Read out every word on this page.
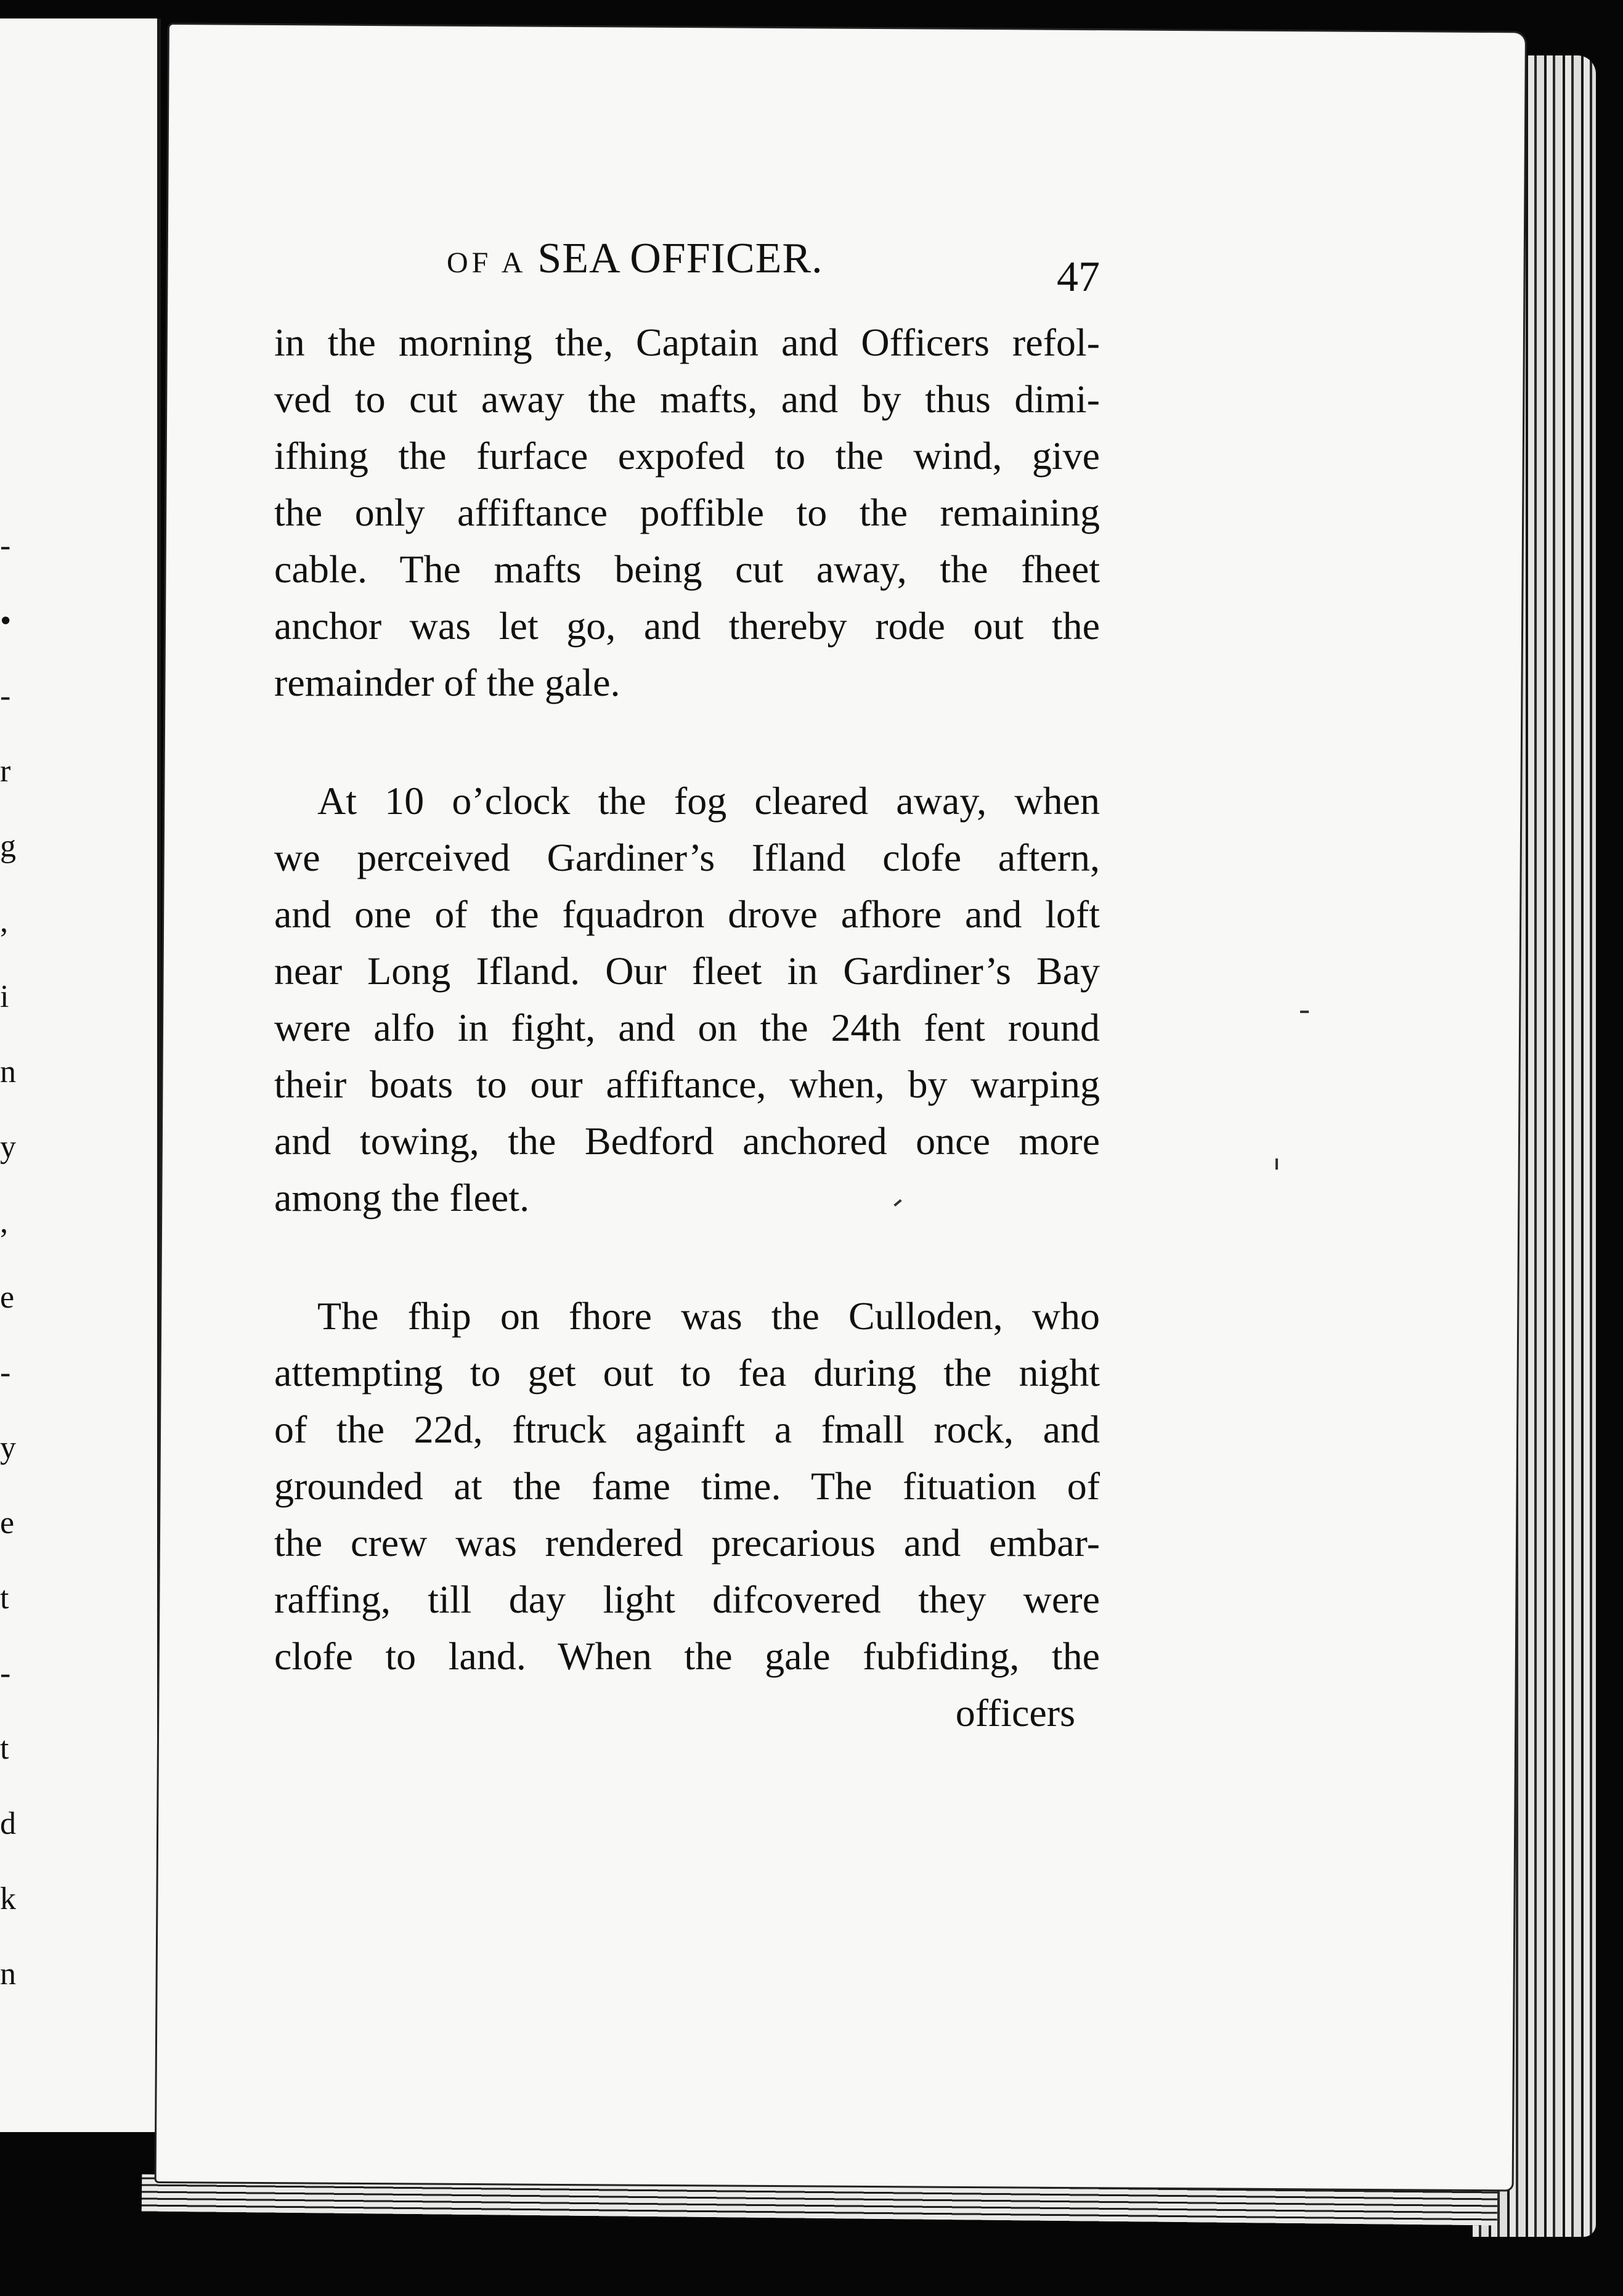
-
•
-
r
g
,
i
n
y
,
e
-
y
e
t
-
t
d
k
n
OF A SEA OFFICER.	47

in the morning the, Captain and Officers refol-
ved to cut away the mafts, and by thus dimi-
ifhing the furface expofed to the wind, give
the only affiftance poffible to the remaining
cable. The mafts being cut away, the fheet
anchor was let go, and thereby rode out the
remainder of the gale.

At 10 o’clock the fog cleared away, when
we perceived Gardiner’s Ifland clofe aftern,
and one of the fquadron drove afhore and loft
near Long Ifland. Our fleet in Gardiner’s Bay
were alfo in fight, and on the 24th fent round
their boats to our affiftance, when, by warping
and towing, the Bedford anchored once more
among the fleet.

The fhip on fhore was the Culloden, who
attempting to get out to fea during the night
of the 22d, ftruck againft a fmall rock, and
grounded at the fame time. The fituation of
the crew was rendered precarious and embar-
raffing, till day light difcovered they were
clofe to land. When the gale fubfiding, the

officers
